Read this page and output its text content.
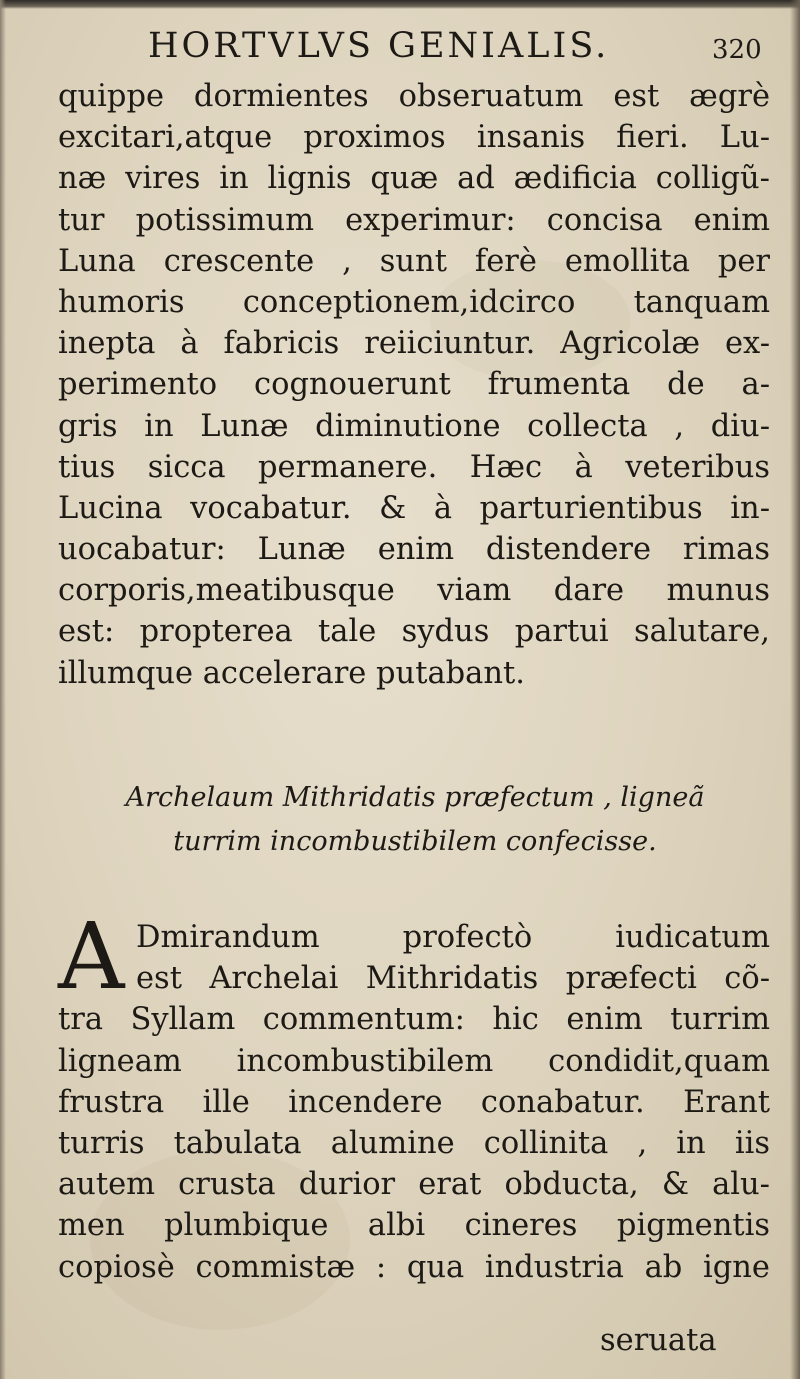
HORTVLVS GENIALIS.	320
quippe dormientes obseruatum est ægrè
excitari,atque proximos insanis fieri. Lu-
næ vires in lignis quæ ad ædificia colligũ-
tur potissimum experimur: concisa enim
Luna crescente , sunt ferè emollita per
humoris conceptionem,idcirco tanquam
inepta à fabricis reiiciuntur. Agricolæ ex-
perimento cognouerunt frumenta de a-
gris in Lunæ diminutione collecta , diu-
tius sicca permanere. Hæc à veteribus
Lucina vocabatur. & à parturientibus in-
uocabatur: Lunæ enim distendere rimas
corporis,meatibusque viam dare munus
est: propterea tale sydus partui salutare,
illumque accelerare putabant.
Archelaum Mithridatis præfectum , ligneã
turrim incombustibilem confecisse.
A Dmirandum profectò iudicatum
est Archelai Mithridatis præfecti cõ-
tra Syllam commentum: hic enim turrim
ligneam incombustibilem condidit,quam
frustra ille incendere conabatur. Erant
turris tabulata alumine collinita , in iis
autem crusta durior erat obducta, & alu-
men plumbique albi cineres pigmentis
copiosè commistæ : qua industria ab igne
seruata
